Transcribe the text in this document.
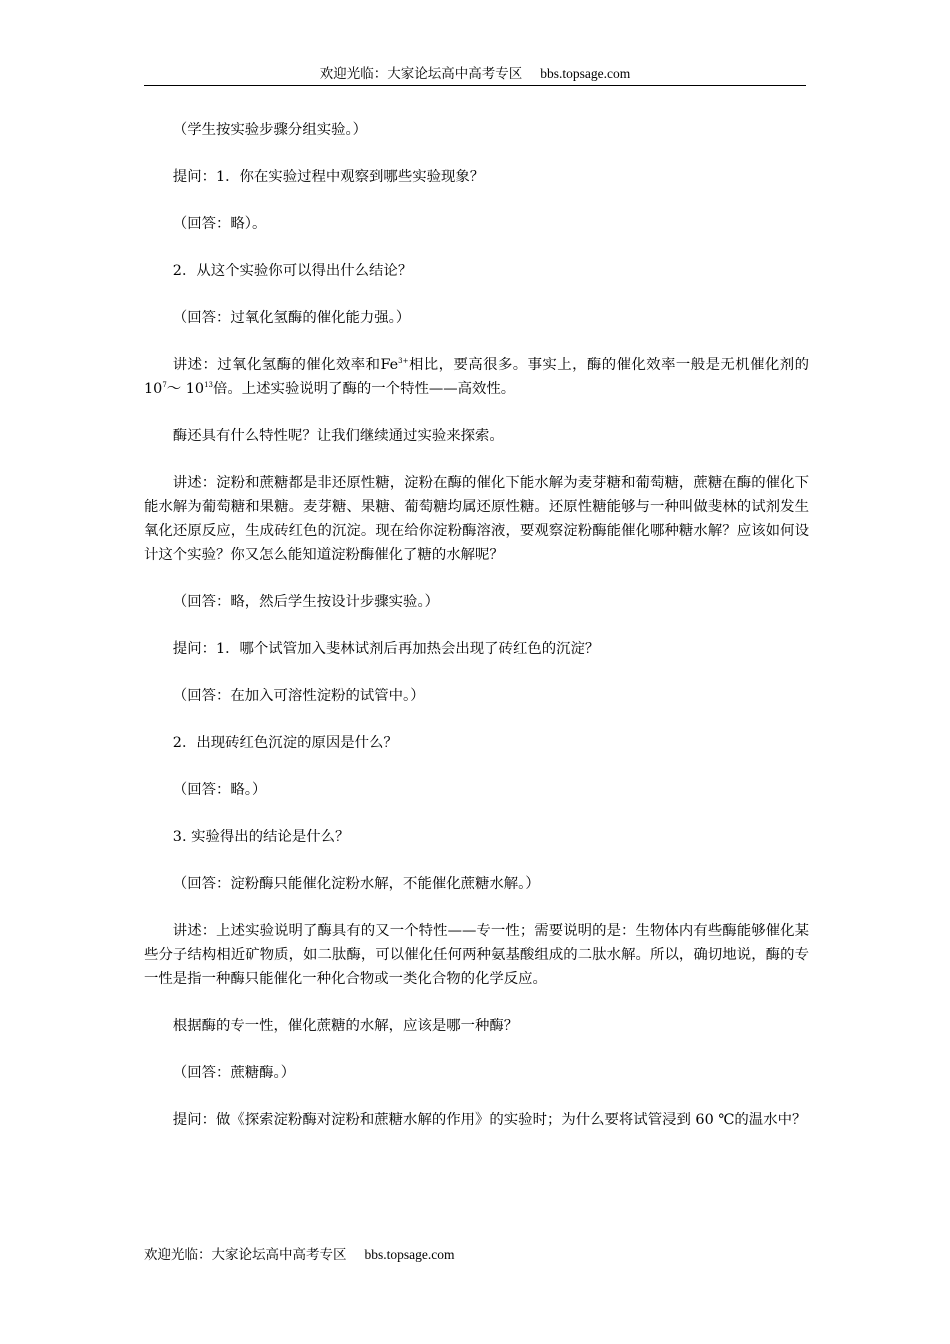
欢迎光临：大家论坛高中高考专区 bbs.topsage.com

（学生按实验步骤分组实验。）

提问：1．你在实验过程中观察到哪些实验现象？

（回答：略）。

2．从这个实验你可以得出什么结论？

（回答：过氧化氢酶的催化能力强。）

讲述：过氧化氢酶的催化效率和$Fe^{3+}$相比，要高很多。事实上，酶的催化效率一般是无机催化剂的 $10^7\sim$ $10^{13}$倍。上述实验说明了酶的一个特性——高效性。

酶还具有什么特性呢？让我们继续通过实验来探索。

讲述：淀粉和蔗糖都是非还原性糖，淀粉在酶的催化下能水解为麦芽糖和葡萄糖，蔗糖在酶的催化下能水解为葡萄糖和果糖。麦芽糖、果糖、葡萄糖均属还原性糖。还原性糖能够与一种叫做斐林的试剂发生氧化还原反应，生成砖红色的沉淀。现在给你淀粉酶溶液，要观察淀粉酶能催化哪种糖水解？应该如何设计这个实验？你又怎么能知道淀粉酶催化了糖的水解呢？

（回答：略，然后学生按设计步骤实验。）

提问：1．哪个试管加入斐林试剂后再加热会出现了砖红色的沉淀？

（回答：在加入可溶性淀粉的试管中。）

2．出现砖红色沉淀的原因是什么？

（回答：略。）

3. 实验得出的结论是什么？

（回答：淀粉酶只能催化淀粉水解，不能催化蔗糖水解。）

讲述：上述实验说明了酶具有的又一个特性——专一性；需要说明的是：生物体内有些酶能够催化某些分子结构相近矿物质，如二肽酶，可以催化任何两种氨基酸组成的二肽水解。所以，确切地说，酶的专一性是指一种酶只能催化一种化合物或一类化合物的化学反应。

根据酶的专一性，催化蔗糖的水解，应该是哪一种酶？

（回答：蔗糖酶。）

提问：做《探索淀粉酶对淀粉和蔗糖水解的作用》的实验时；为什么要将试管浸到 60 ℃的温水中？

欢迎光临：大家论坛高中高考专区 bbs.topsage.com
